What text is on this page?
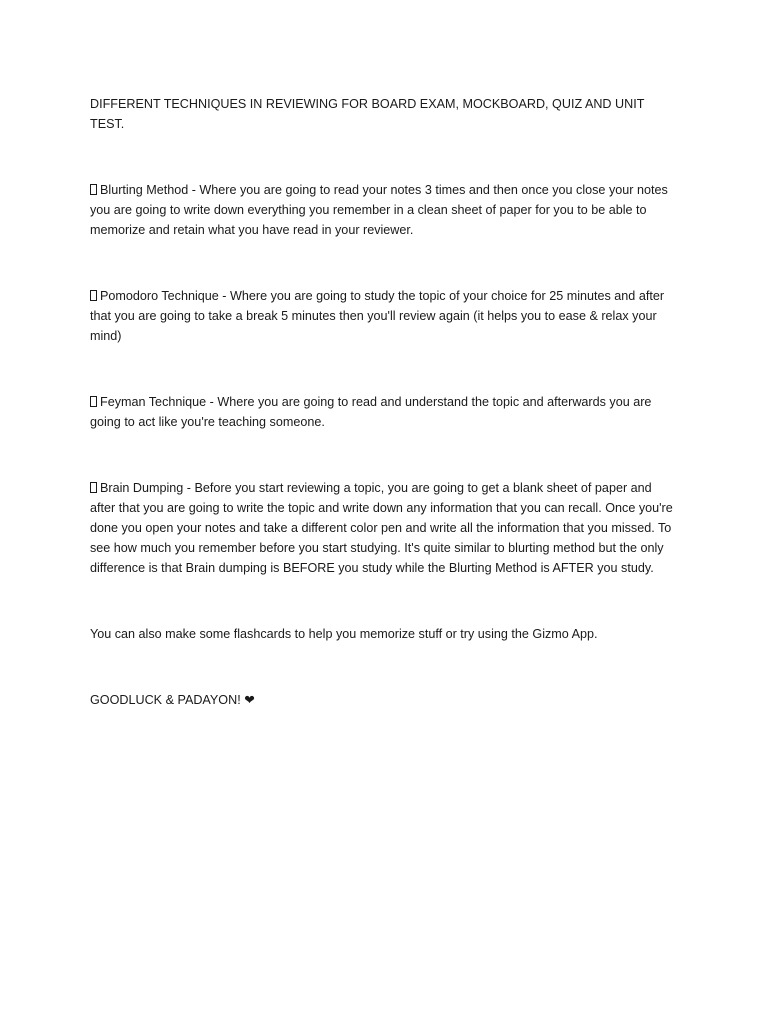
DIFFERENT TECHNIQUES IN REVIEWING FOR BOARD EXAM, MOCKBOARD, QUIZ AND UNIT TEST.

Blurting Method - Where you are going to read your notes 3 times and then once you close your notes you are going to write down everything you remember in a clean sheet of paper for you to be able to memorize and retain what you have read in your reviewer.

Pomodoro Technique - Where you are going to study the topic of your choice for 25 minutes and after that you are going to take a break 5 minutes then you'll review again (it helps you to ease & relax your mind)

Feyman Technique - Where you are going to read and understand the topic and afterwards you are going to act like you're teaching someone.

Brain Dumping - Before you start reviewing a topic, you are going to get a blank sheet of paper and after that you are going to write the topic and write down any information that you can recall. Once you're done you open your notes and take a different color pen and write all the information that you missed. To see how much you remember before you start studying. It's quite similar to blurting method but the only difference is that Brain dumping is BEFORE you study while the Blurting Method is AFTER you study.

You can also make some flashcards to help you memorize stuff or try using the Gizmo App.

GOODLUCK & PADAYON! ❤
